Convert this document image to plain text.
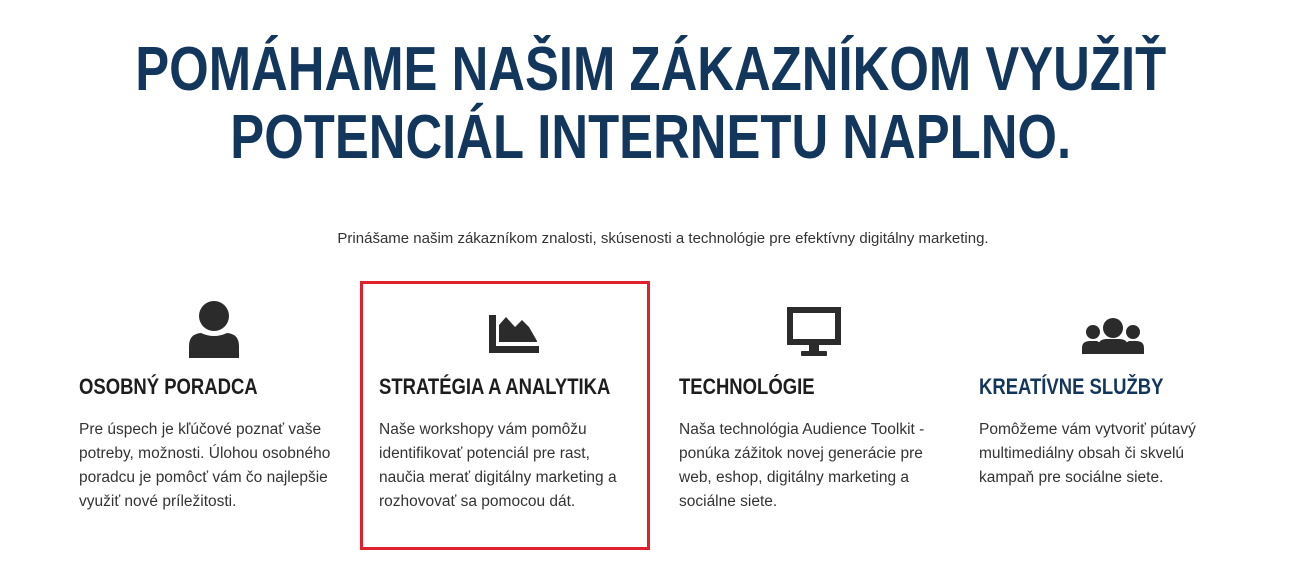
POMÁHAME NAŠIM ZÁKAZNÍKOM VYUŽIŤ
POTENCIÁL INTERNETU NAPLNO.

Prinášame našim zákazníkom znalosti, skúsenosti a technológie pre efektívny digitálny marketing.

OSOBNÝ PORADCA
Pre úspech je kľúčové poznať vaše
potreby, možnosti. Úlohou osobného
poradcu je pomôcť vám čo najlepšie
využiť nové príležitosti.
STRATÉGIA A ANALYTIKA
Naše workshopy vám pomôžu
identifikovať potenciál pre rast,
naučia merať digitálny marketing a
rozhovovať sa pomocou dát.
TECHNOLÓGIE
Naša technológia Audience Toolkit -
ponúka zážitok novej generácie pre
web, eshop, digitálny marketing a
sociálne siete.
KREATÍVNE SLUŽBY
Pomôžeme vám vytvoriť pútavý
multimediálny obsah či skvelú
kampaň pre sociálne siete.
